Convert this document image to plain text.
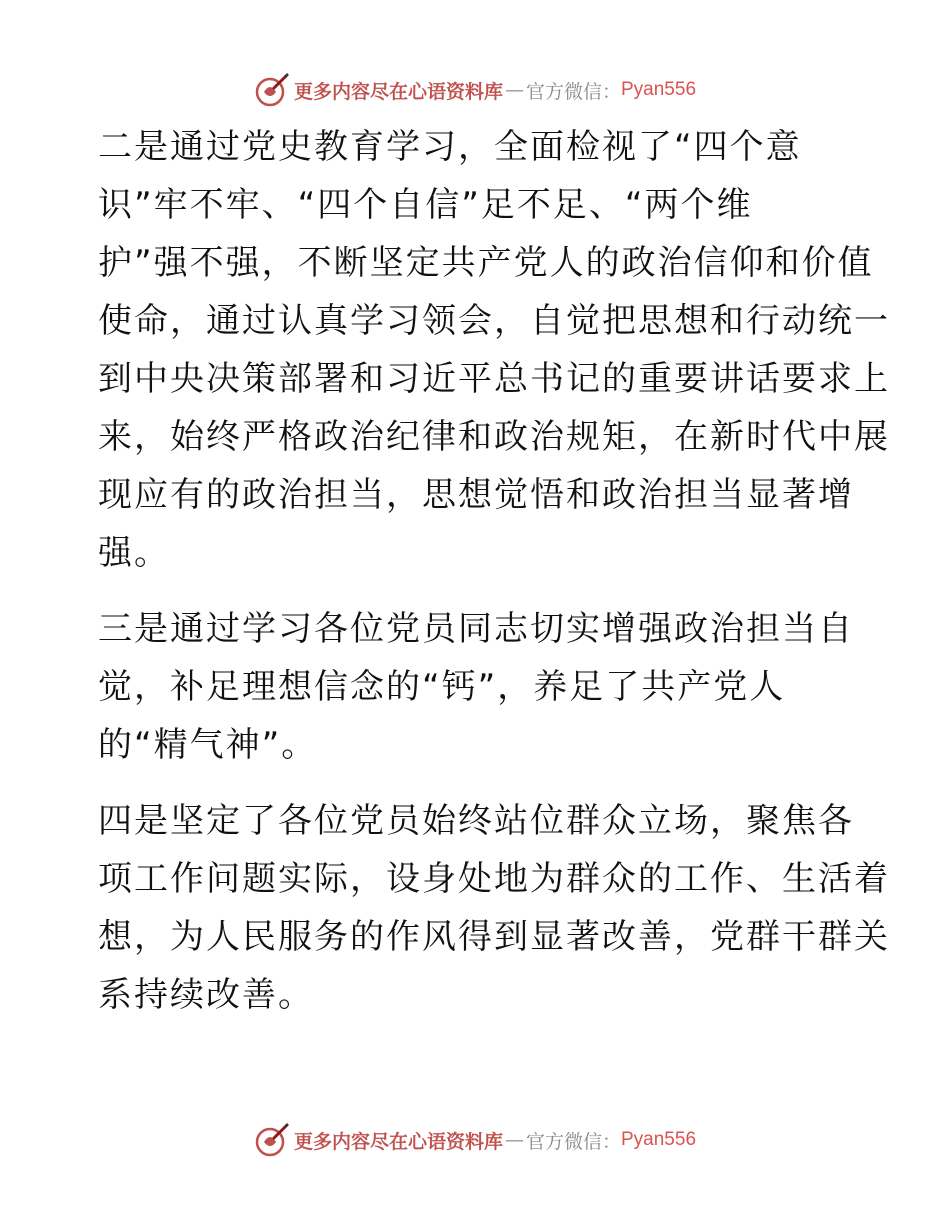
更多内容尽在心语资料库 — 官方微信： Pyan556

二是通过党史教育学习，全面检视了“四个意
识”牢不牢、“四个自信”足不足、“两个维
护”强不强，不断坚定共产党人的政治信仰和价值
使命，通过认真学习领会，自觉把思想和行动统一
到中央决策部署和习近平总书记的重要讲话要求上
来，始终严格政治纪律和政治规矩，在新时代中展
现应有的政治担当，思想觉悟和政治担当显著增
强。

三是通过学习各位党员同志切实增强政治担当自
觉，补足理想信念的“钙”，养足了共产党人
的“精气神”。

四是坚定了各位党员始终站位群众立场，聚焦各
项工作问题实际，设身处地为群众的工作、生活着
想，为人民服务的作风得到显著改善，党群干群关
系持续改善。

更多内容尽在心语资料库 — 官方微信： Pyan556
